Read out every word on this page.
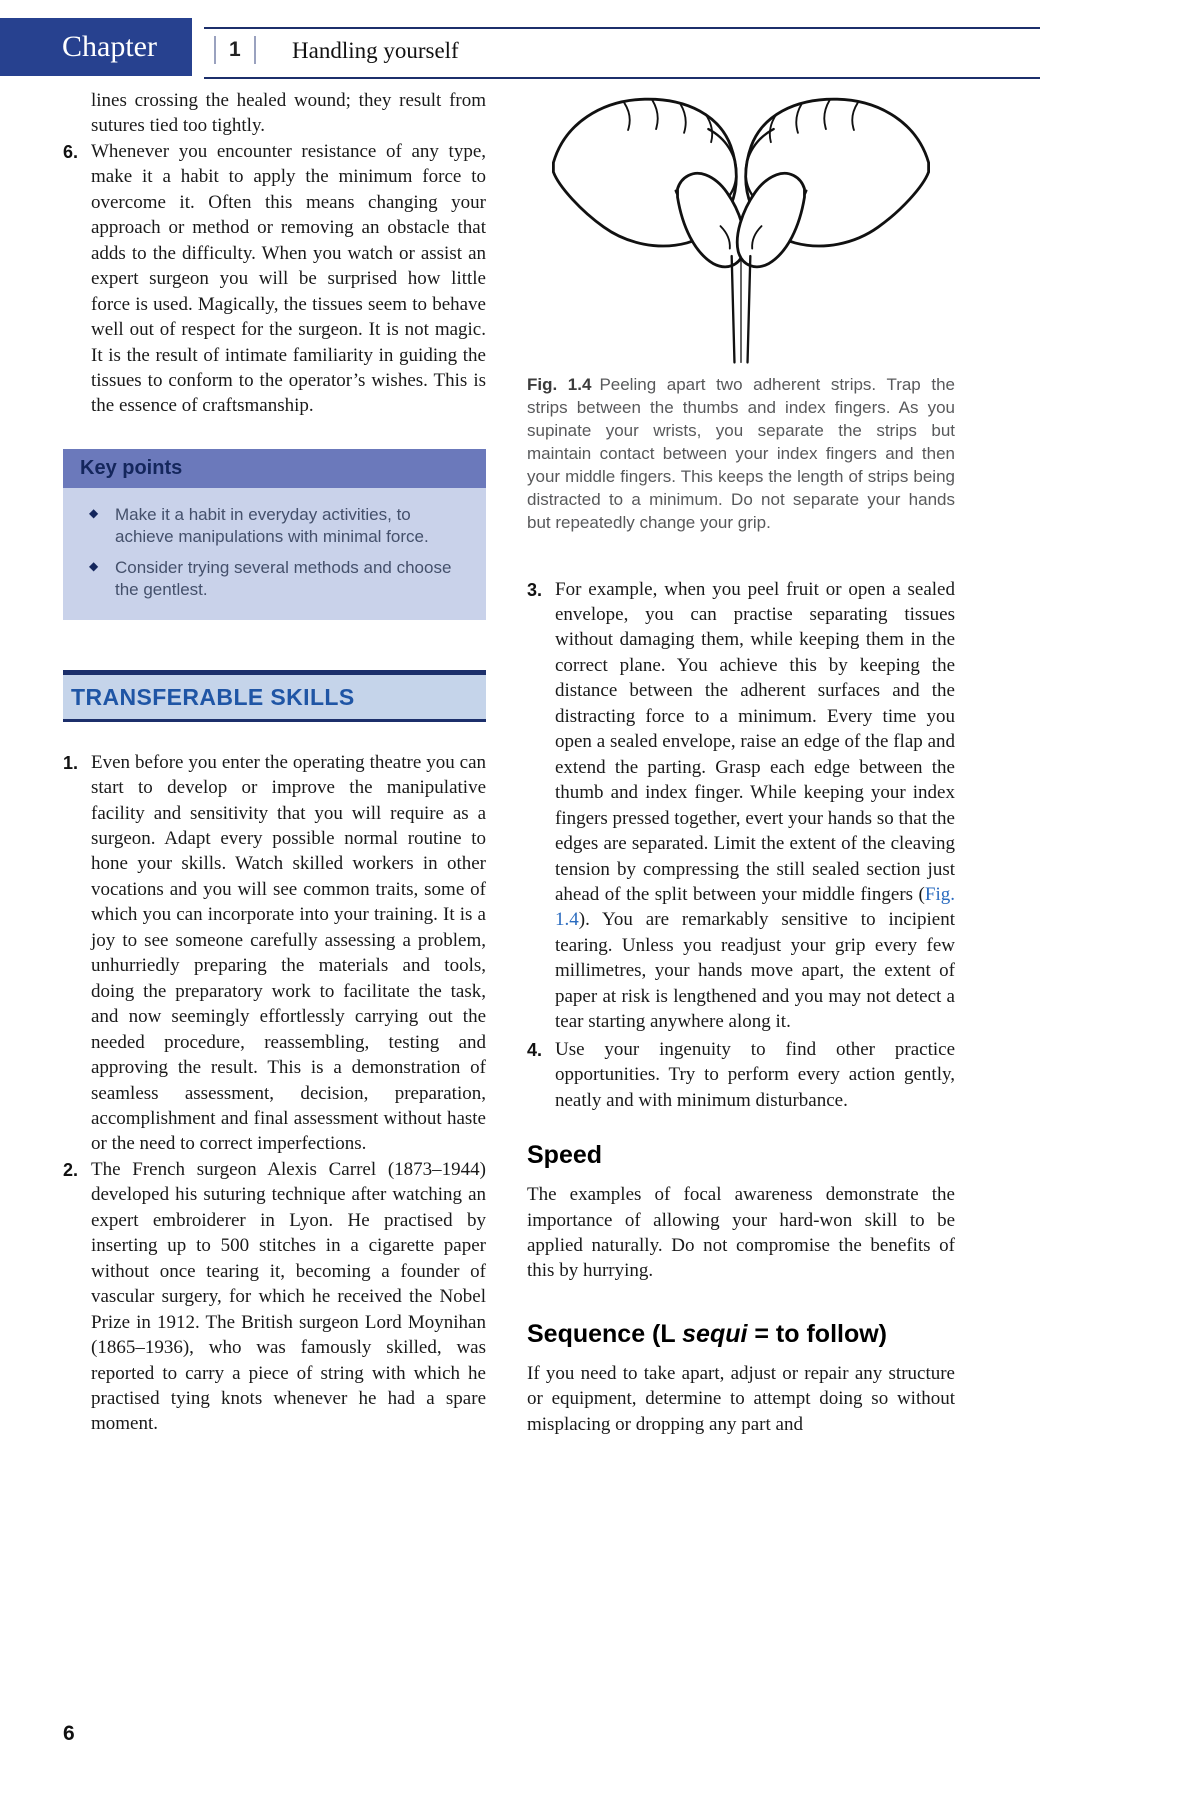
Chapter	1	Handling yourself
lines crossing the healed wound; they result from sutures tied too tightly.
6. Whenever you encounter resistance of any type, make it a habit to apply the minimum force to overcome it. Often this means changing your approach or method or removing an obstacle that adds to the difficulty. When you watch or assist an expert surgeon you will be surprised how little force is used. Magically, the tissues seem to behave well out of respect for the surgeon. It is not magic. It is the result of intimate familiarity in guiding the tissues to conform to the operator’s wishes. This is the essence of craftsmanship.
Key points
◆ Make it a habit in everyday activities, to achieve manipulations with minimal force.
◆ Consider trying several methods and choose the gentlest.
TRANSFERABLE SKILLS
1. Even before you enter the operating theatre you can start to develop or improve the manipulative facility and sensitivity that you will require as a surgeon. Adapt every possible normal routine to hone your skills. Watch skilled workers in other vocations and you will see common traits, some of which you can incorporate into your training. It is a joy to see someone carefully assessing a problem, unhurriedly preparing the materials and tools, doing the preparatory work to facilitate the task, and now seemingly effortlessly carrying out the needed procedure, reassembling, testing and approving the result. This is a demonstration of seamless assessment, decision, preparation, accomplishment and final assessment without haste or the need to correct imperfections.
2. The French surgeon Alexis Carrel (1873–1944) developed his suturing technique after watching an expert embroiderer in Lyon. He practised by inserting up to 500 stitches in a cigarette paper without once tearing it, becoming a founder of vascular surgery, for which he received the Nobel Prize in 1912. The British surgeon Lord Moynihan (1865–1936), who was famously skilled, was reported to carry a piece of string with which he practised tying knots whenever he had a spare moment.
Fig. 1.4 Peeling apart two adherent strips. Trap the strips between the thumbs and index fingers. As you supinate your wrists, you separate the strips but maintain contact between your index fingers and then your middle fingers. This keeps the length of strips being distracted to a minimum. Do not separate your hands but repeatedly change your grip.
3. For example, when you peel fruit or open a sealed envelope, you can practise separating tissues without damaging them, while keeping them in the correct plane. You achieve this by keeping the distance between the adherent surfaces and the distracting force to a minimum. Every time you open a sealed envelope, raise an edge of the flap and extend the parting. Grasp each edge between the thumb and index finger. While keeping your index fingers pressed together, evert your hands so that the edges are separated. Limit the extent of the cleaving tension by compressing the still sealed section just ahead of the split between your middle fingers (Fig. 1.4). You are remarkably sensitive to incipient tearing. Unless you readjust your grip every few millimetres, your hands move apart, the extent of paper at risk is lengthened and you may not detect a tear starting anywhere along it.
4. Use your ingenuity to find other practice opportunities. Try to perform every action gently, neatly and with minimum disturbance.
Speed
The examples of focal awareness demonstrate the importance of allowing your hard-won skill to be applied naturally. Do not compromise the benefits of this by hurrying.
Sequence (L sequi = to follow)
If you need to take apart, adjust or repair any structure or equipment, determine to attempt doing so without misplacing or dropping any part and
6
